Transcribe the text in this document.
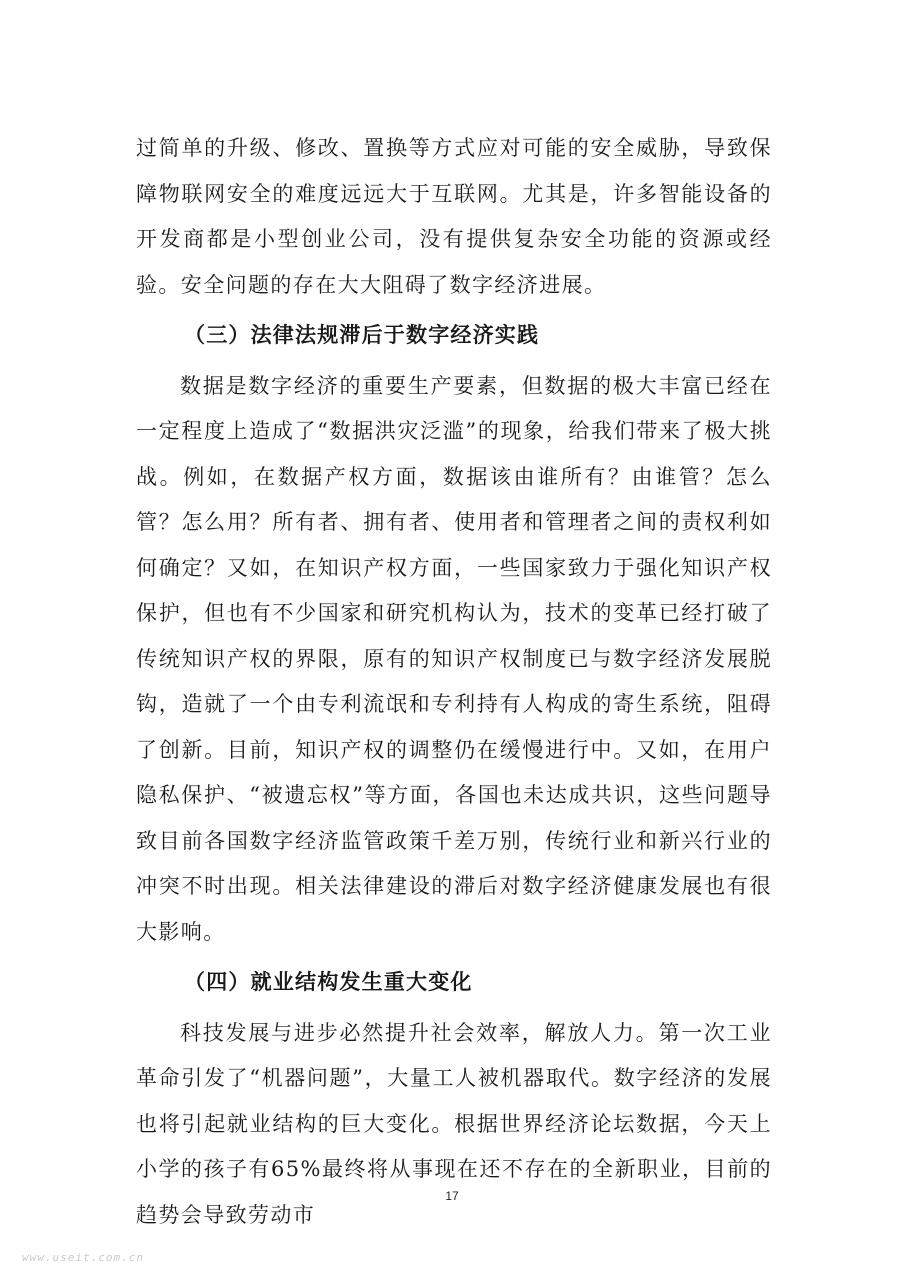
过简单的升级、修改、置换等方式应对可能的安全威胁，导致保障物联网安全的难度远远大于互联网。尤其是，许多智能设备的开发商都是小型创业公司，没有提供复杂安全功能的资源或经验。安全问题的存在大大阻碍了数字经济进展。

（三）法律法规滞后于数字经济实践

数据是数字经济的重要生产要素，但数据的极大丰富已经在一定程度上造成了“数据洪灾泛滥”的现象，给我们带来了极大挑战。例如，在数据产权方面，数据该由谁所有？由谁管？怎么管？怎么用？所有者、拥有者、使用者和管理者之间的责权利如何确定？又如，在知识产权方面，一些国家致力于强化知识产权保护，但也有不少国家和研究机构认为，技术的变革已经打破了传统知识产权的界限，原有的知识产权制度已与数字经济发展脱钩，造就了一个由专利流氓和专利持有人构成的寄生系统，阻碍了创新。目前，知识产权的调整仍在缓慢进行中。又如，在用户隐私保护、“被遗忘权”等方面，各国也未达成共识，这些问题导致目前各国数字经济监管政策千差万别，传统行业和新兴行业的冲突不时出现。相关法律建设的滞后对数字经济健康发展也有很大影响。

（四）就业结构发生重大变化

科技发展与进步必然提升社会效率，解放人力。第一次工业革命引发了“机器问题”，大量工人被机器取代。数字经济的发展也将引起就业结构的巨大变化。根据世界经济论坛数据，今天上小学的孩子有65%最终将从事现在还不存在的全新职业，目前的趋势会导致劳动市

17
www.useit.com.cn
